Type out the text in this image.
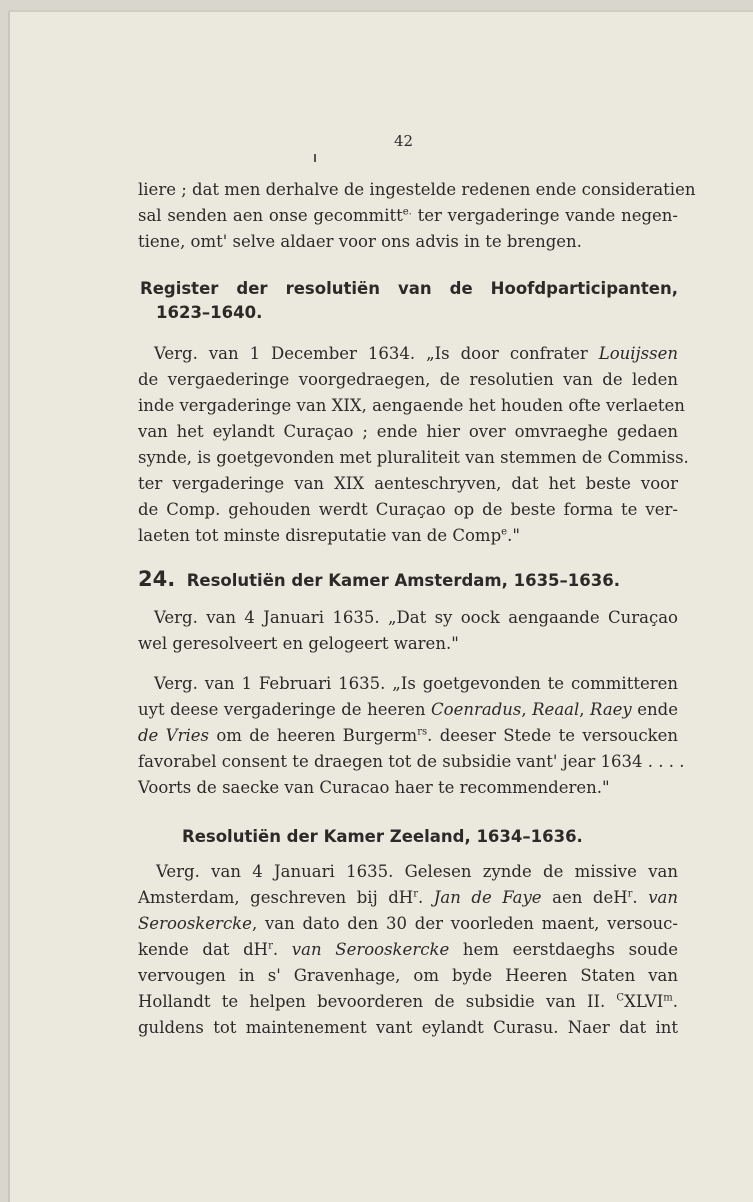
42
liere ; dat men derhalve de ingestelde redenen ende consideratien
sal senden aen onse gecommitt$^{e.}$ ter vergaderinge vande negen-
tiene, omt' selve aldaer voor ons advis in te brengen.
Register der resolutiën van de Hoofdparticipanten,
1623–1640.
Verg. van 1 December 1634. „Is door confrater Louijssen
de vergaederinge voorgedraegen, de resolutien van de leden
inde vergaderinge van XIX, aengaende het houden ofte verlaeten
van het eylandt Curaçao ; ende hier over omvraeghe gedaen
synde, is goetgevonden met pluraliteit van stemmen de Commiss.
ter vergaderinge van XIX aenteschryven, dat het beste voor
de Comp. gehouden werdt Curaçao op de beste forma te ver-
laeten tot minste disreputatie van de Comp$^e$."
24. Resolutiën der Kamer Amsterdam, 1635–1636.
Verg. van 4 Januari 1635. „Dat sy oock aengaande Curaçao
wel geresolveert en gelogeert waren."
Verg. van 1 Februari 1635. „Is goetgevonden te committeren
uyt deese vergaderinge de heeren Coenradus, Reaal, Raey ende
de Vries om de heeren Burgerm$^{rs}$. deeser Stede te versoucken
favorabel consent te draegen tot de subsidie vant' jear 1634 . . . .
Voorts de saecke van Curacao haer te recommenderen."
Resolutiën der Kamer Zeeland, 1634–1636.
Verg. van 4 Januari 1635. Gelesen zynde de missive van
Amsterdam, geschreven bij $dH^r$. Jan de Faye aen deH$^r$. van
Serooskercke, van dato den 30 der voorleden maent, versouc-
kende dat $dH^r$. van Serooskercke hem eerstdaeghs soude
vervougen in s' Gravenhage, om byde Heeren Staten van
Hollandt te helpen bevoorderen de subsidie van II. $^C$XLVI$^m$.
guldens tot maintenement vant eylandt Curasu. Naer dat int
